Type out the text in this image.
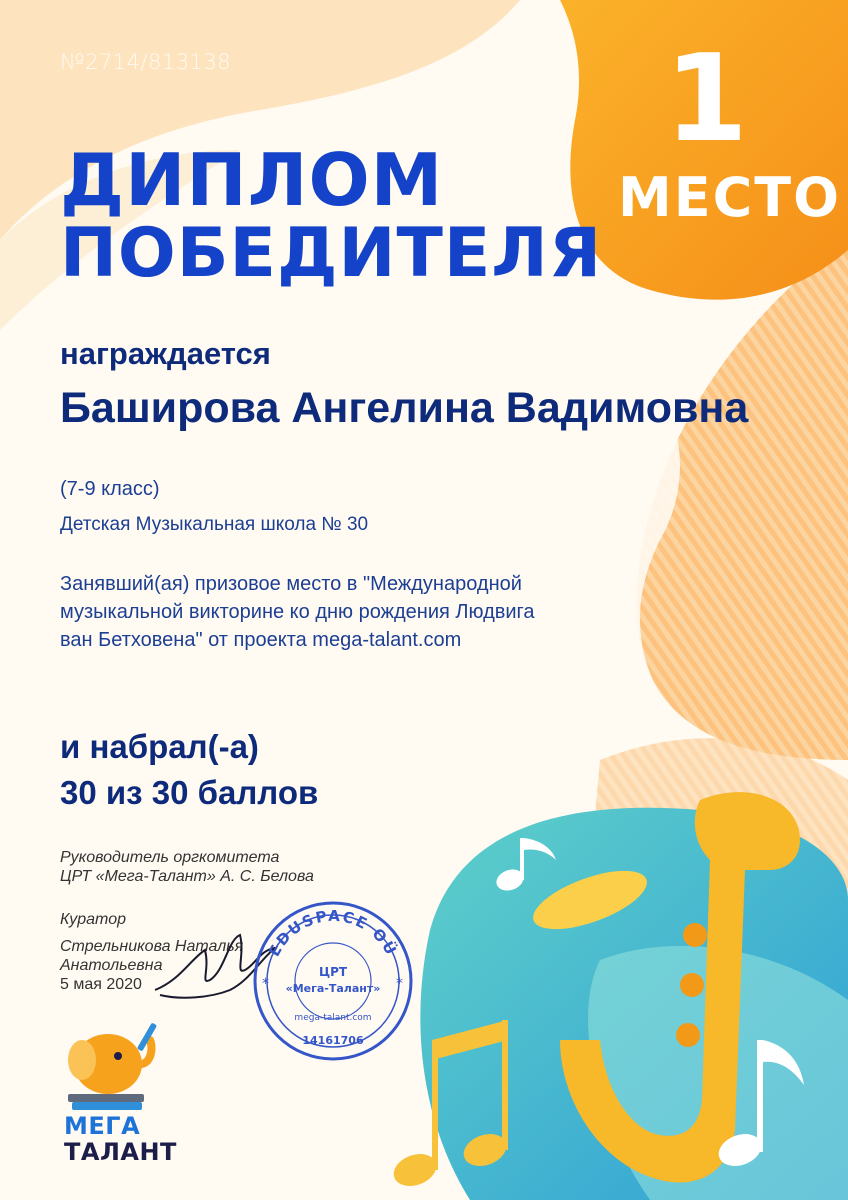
№2714/813138

ДИПЛОМ
ПОБЕДИТЕЛЯ
1
МЕСТО

награждается

Баширова Ангелина Вадимовна

(7-9 класс)

Детская Музыкальная школа № 30

Занявший(ая) призовое место в "Международной
музыкальной викторине ко дню рождения Людвига
ван Бетховена" от проекта mega-talant.com

и набрал(-а)

30 из 30 баллов

Руководитель оргкомитета
ЦРТ «Мега-Талант» А. С. Белова
Куратор
Стрельникова Наталья
Анатольевна
5 мая 2020
EDUSPACE OÜ
ЦРТ
«Мега-Талант»
mega-talant.com
14161706
*	*
МЕГА
ТАЛАНТ
